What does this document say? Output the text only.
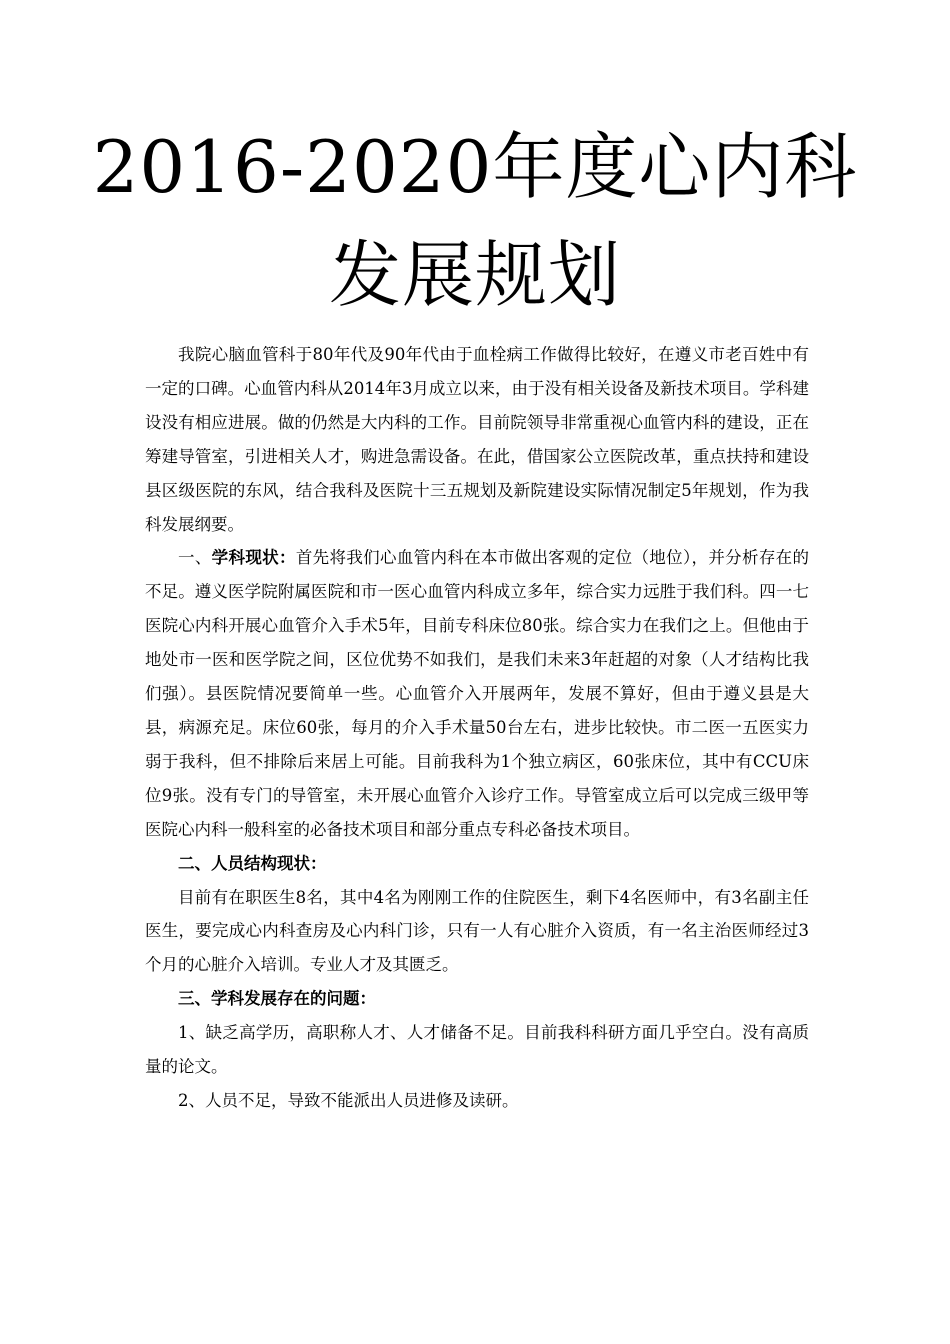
2016-2020年度心内科
发展规划

我院心脑血管科于80年代及90年代由于血栓病工作做得比较好，在遵义市老百姓中有一定的口碑。心血管内科从2014年3月成立以来，由于没有相关设备及新技术项目。学科建设没有相应进展。做的仍然是大内科的工作。目前院领导非常重视心血管内科的建设，正在筹建导管室，引进相关人才，购进急需设备。在此，借国家公立医院改革，重点扶持和建设县区级医院的东风，结合我科及医院十三五规划及新院建设实际情况制定5年规划，作为我科发展纲要。

一、学科现状：首先将我们心血管内科在本市做出客观的定位（地位），并分析存在的不足。遵义医学院附属医院和市一医心血管内科成立多年，综合实力远胜于我们科。四一七医院心内科开展心血管介入手术5年，目前专科床位80张。综合实力在我们之上。但他由于地处市一医和医学院之间，区位优势不如我们，是我们未来3年赶超的对象（人才结构比我们强）。县医院情况要简单一些。心血管介入开展两年，发展不算好，但由于遵义县是大县，病源充足。床位60张，每月的介入手术量50台左右，进步比较快。市二医一五医实力弱于我科，但不排除后来居上可能。目前我科为1个独立病区，60张床位，其中有CCU床位9张。没有专门的导管室，未开展心血管介入诊疗工作。导管室成立后可以完成三级甲等医院心内科一般科室的必备技术项目和部分重点专科必备技术项目。

二、人员结构现状：

目前有在职医生8名，其中4名为刚刚工作的住院医生，剩下4名医师中，有3名副主任医生，要完成心内科查房及心内科门诊，只有一人有心脏介入资质，有一名主治医师经过3个月的心脏介入培训。专业人才及其匮乏。

三、学科发展存在的问题：

1、缺乏高学历，高职称人才、人才储备不足。目前我科科研方面几乎空白。没有高质量的论文。

2、人员不足，导致不能派出人员进修及读研。
